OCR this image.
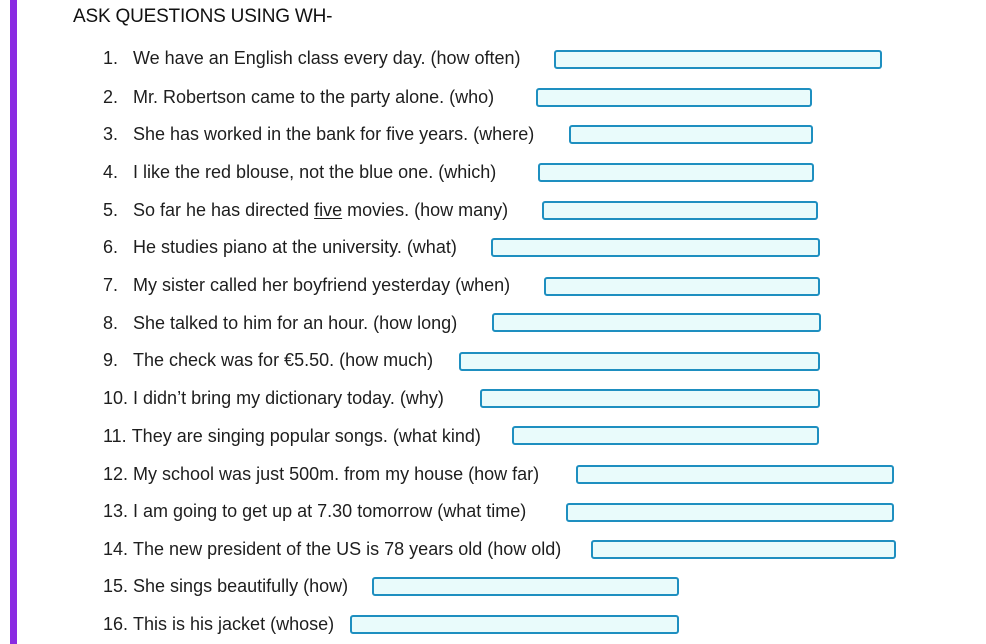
ASK QUESTIONS USING WH-
1. We have an English class every day. (how often)
2. Mr. Robertson came to the party alone. (who)
3. She has worked in the bank for five years. (where)
4. I like the red blouse, not the blue one. (which)
5. So far he has directed five movies. (how many)
6. He studies piano at the university. (what)
7. My sister called her boyfriend yesterday (when)
8. She talked to him for an hour. (how long)
9. The check was for €5.50. (how much)
10. I didn’t bring my dictionary today. (why)
11. They are singing popular songs. (what kind)
12. My school was just 500m. from my house (how far)
13. I am going to get up at 7.30 tomorrow (what time)
14. The new president of the US is 78 years old (how old)
15. She sings beautifully (how)
16. This is his jacket (whose)
